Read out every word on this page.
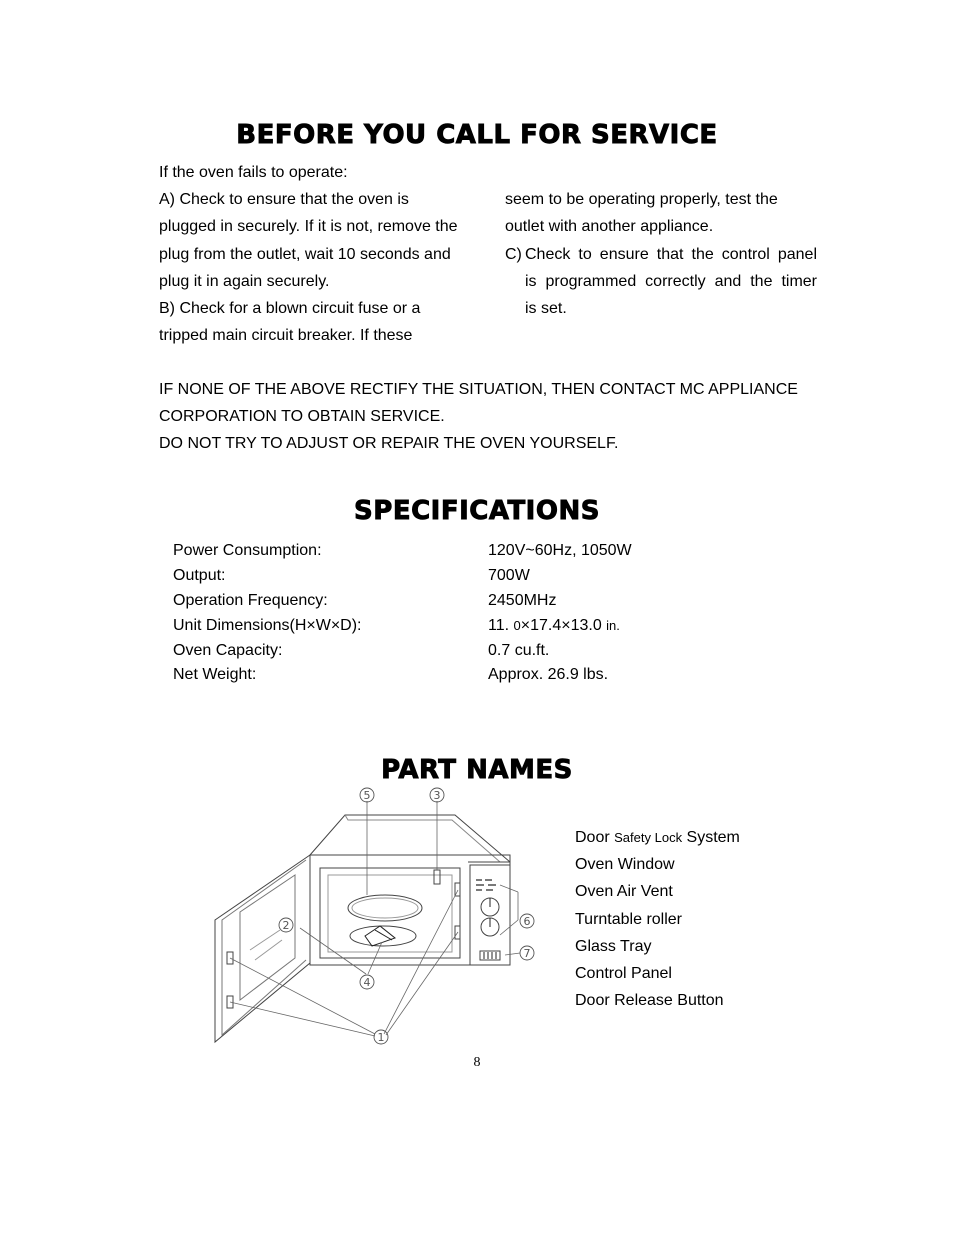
BEFORE YOU CALL FOR SERVICE
If the oven fails to operate:
A) Check to ensure that the oven is
plugged in securely. If it is not, remove the
plug from the outlet, wait 10 seconds and
plug it in again securely.
B) Check for a blown circuit fuse or a
tripped main circuit breaker. If these
seem to be operating properly, test the
outlet with another appliance.
C) Check to ensure that the control panel
is programmed correctly and the timer
is set.
IF NONE OF THE ABOVE RECTIFY THE SITUATION, THEN CONTACT MC APPLIANCE
CORPORATION TO OBTAIN SERVICE.
DO NOT TRY TO ADJUST OR REPAIR THE OVEN YOURSELF.
SPECIFICATIONS
Power Consumption:	120V~60Hz, 1050W
Output:	700W
Operation Frequency:	2450MHz
Unit Dimensions(H×W×D):	11. 0×17.4×13.0 in.
Oven Capacity:	0.7 cu.ft.
Net Weight:	Approx. 26.9 lbs.
PART NAMES
5	3
2
4
1
6
7
Door Safety Lock System
Oven Window
Oven Air Vent
Turntable roller
Glass Tray
Control Panel
Door Release Button
8
